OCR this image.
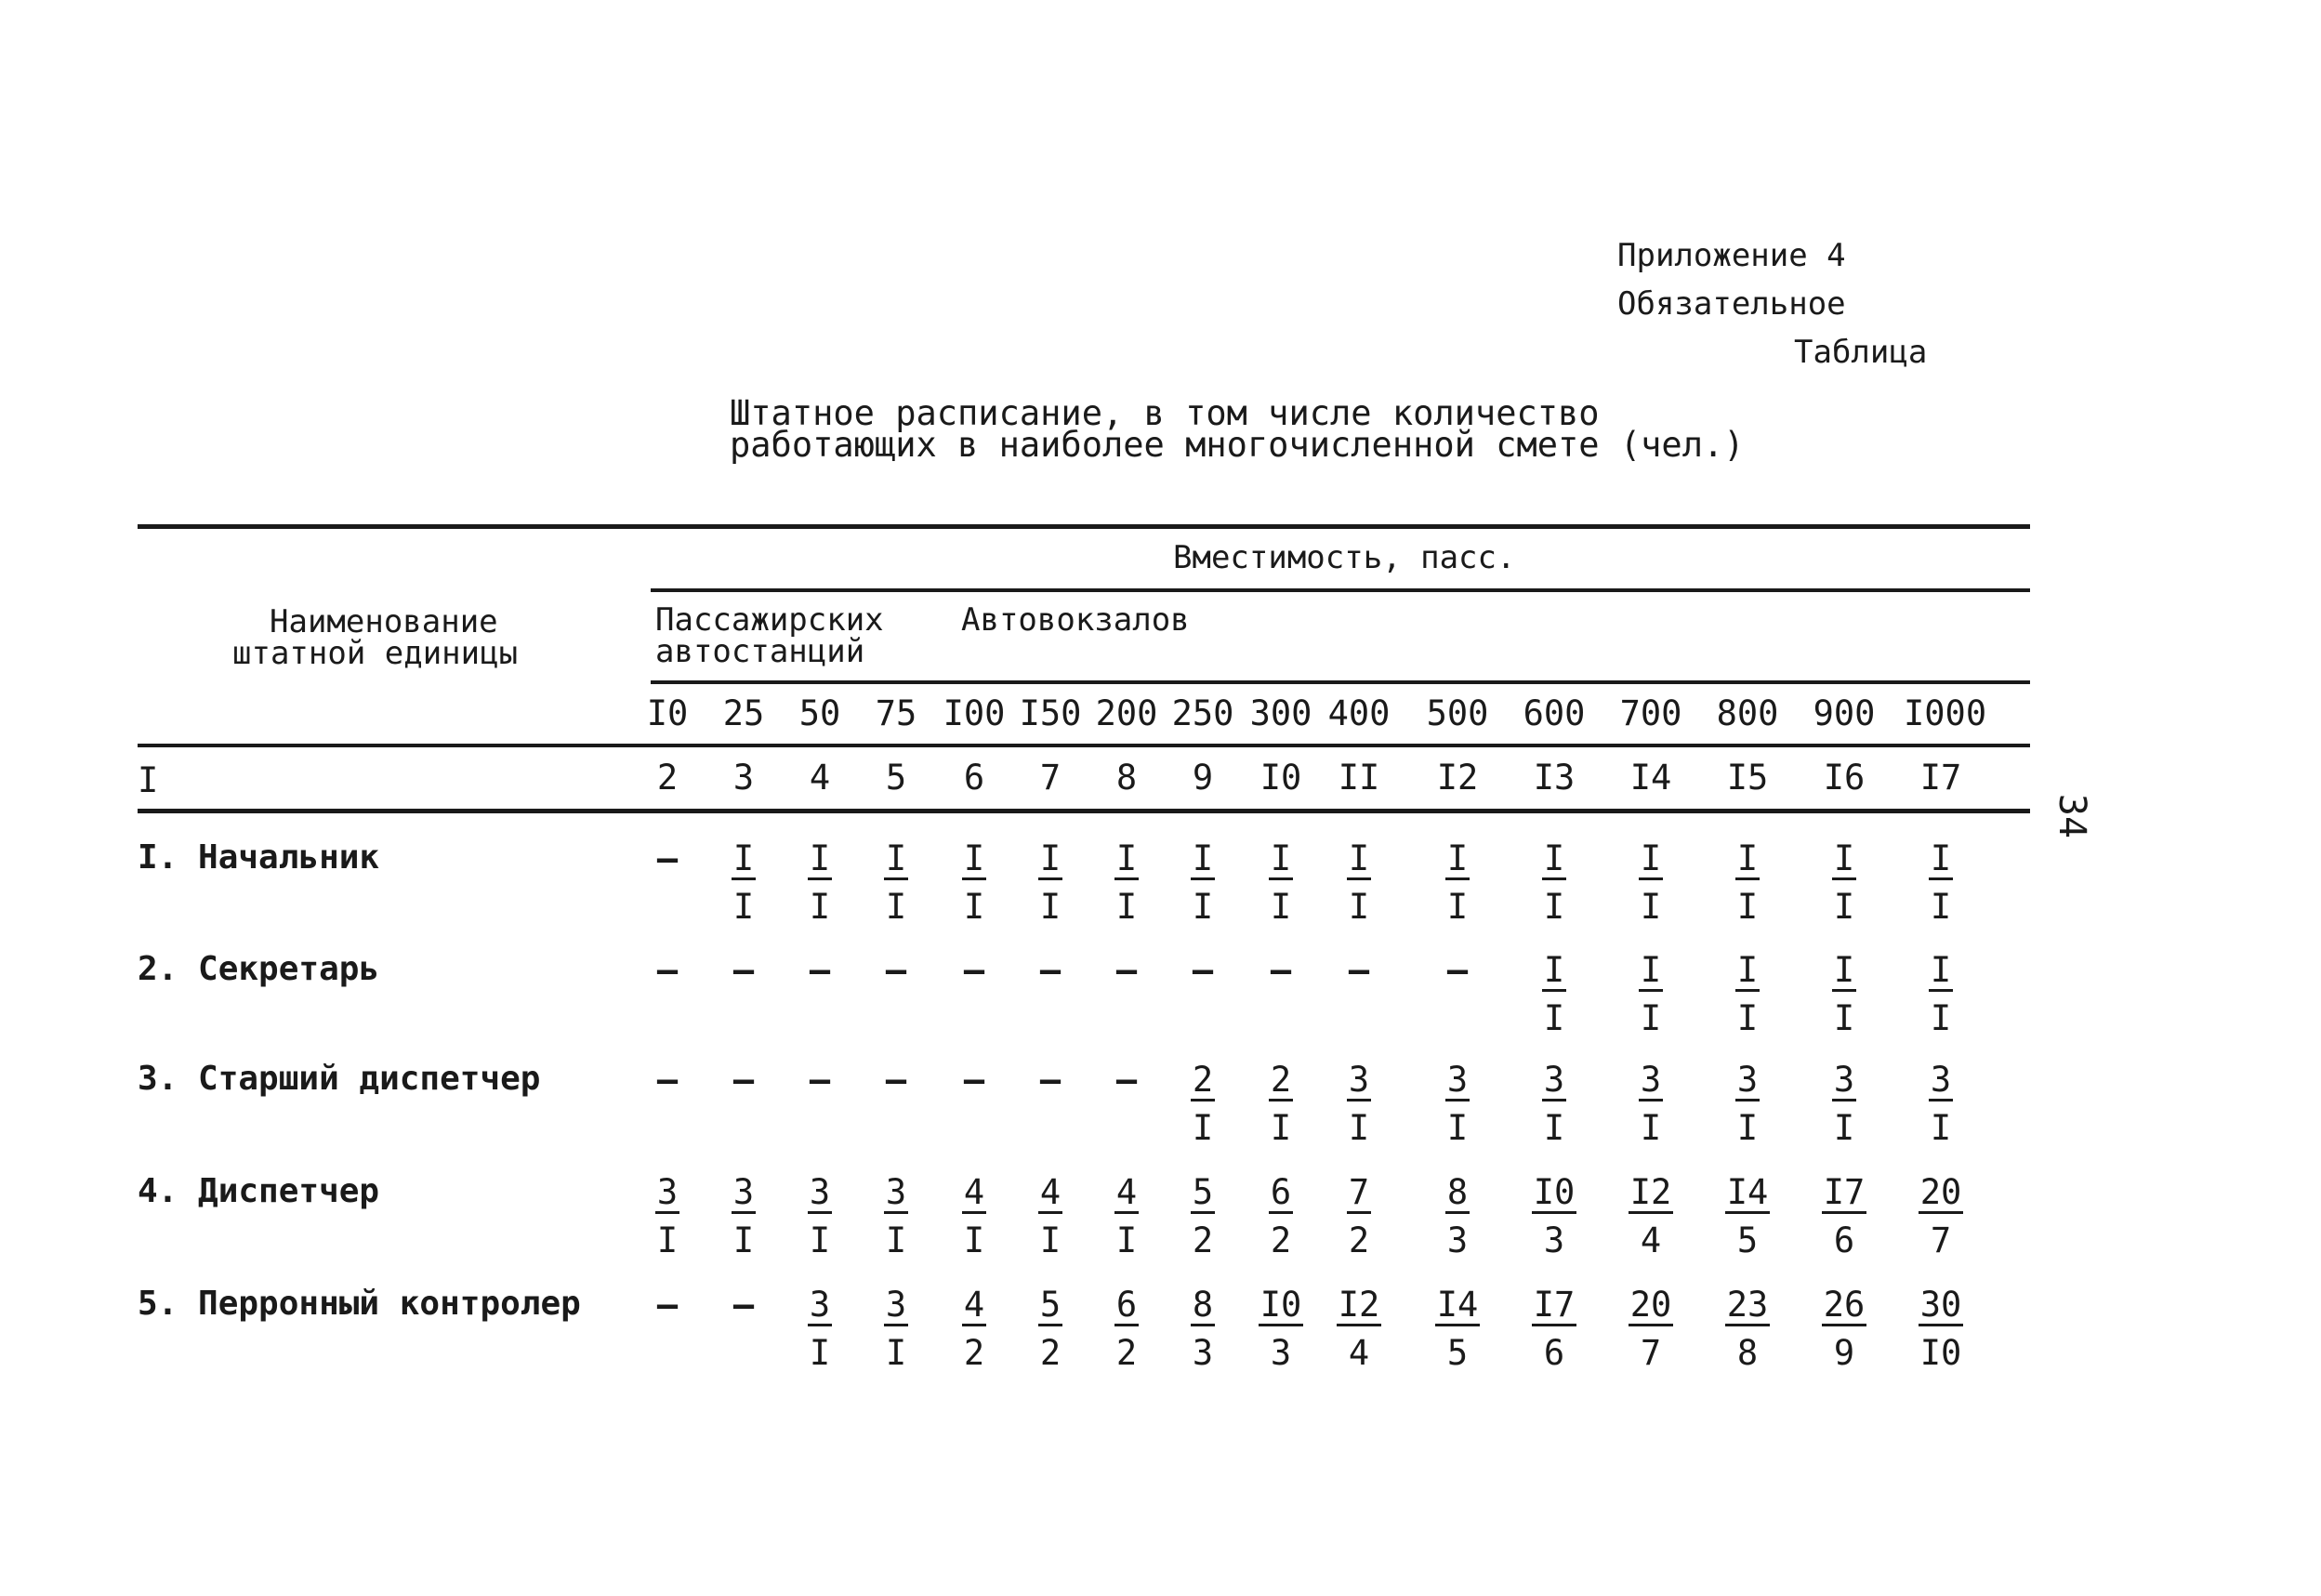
Приложение 4
Обязательное
Таблица
Штатное расписание, в том числе количество
работающих в наиболее многочисленной смете (чел.)
34
Наименование
штатной единицы
Вместимость, пасс.
Пассажирских
автостанций
Автовокзалов
I0	25	50	75 I00 I50 200 250 300 400 500 600 700 800 900 I000
I	2	3	4	5	6	7	8	9	I0	II	I2	I3	I4	I5	I6	I7
I. Начальник	– $\frac{I}{I} \frac{I}{I} \frac{I}{I} \frac{I}{I} \frac{I}{I} \frac{I}{I} \frac{I}{I} \frac{I}{I} \frac{I}{I} \frac{I}{I} \frac{I}{I} \frac{I}{I} \frac{I}{I} \frac{I}{I} \frac{I}{I}$
2. Секретарь	–	–	–	–	–	–	–	–	–	–	–	$\frac{I}{I} \frac{I}{I} \frac{I}{I} \frac{I}{I} \frac{I}{I}$
3. Старший диспетчер	–	–	–	–	–	–	– $\frac{2}{I} \frac{2}{I} \frac{3}{I} \frac{3}{I} \frac{3}{I} \frac{3}{I} \frac{3}{I} \frac{3}{I} \frac{3}{I}$
4. Диспетчер	$\frac{3}{I} \frac{3}{I} \frac{3}{I} \frac{3}{I} \frac{4}{I} \frac{4}{I} \frac{4}{I} \frac{5}{2} \frac{6}{2} \frac{7}{2} \frac{8}{3} \frac{I0}{3} \frac{I2}{4} \frac{I4}{5} \frac{I7}{6} \frac{20}{7}$
5. Перронный контролер	–	– $\frac{3}{I} \frac{3}{I} \frac{4}{2} \frac{5}{2} \frac{6}{2} \frac{8}{3} \frac{I0}{3} \frac{I2}{4} \frac{I4}{5} \frac{I7}{6} \frac{20}{7} \frac{23}{8} \frac{26}{9} \frac{30}{I0}$
